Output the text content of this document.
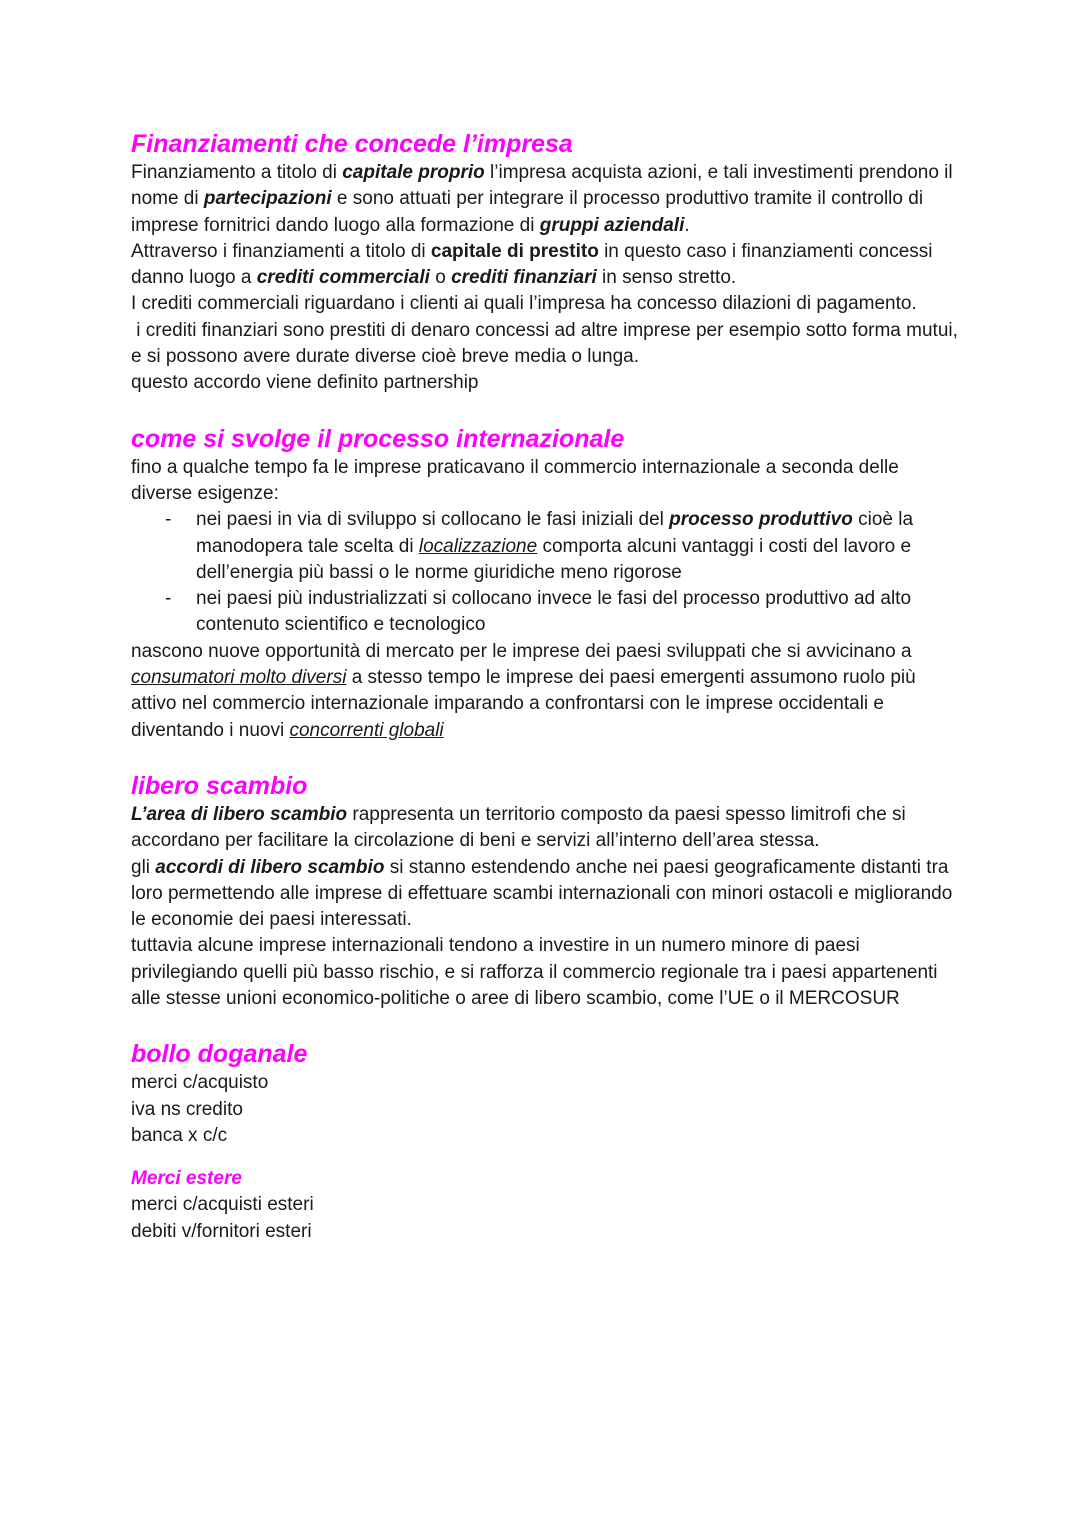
Finanziamenti che concede l’impresa

Finanziamento a titolo di capitale proprio l’impresa acquista azioni, e tali investimenti prendono il nome di partecipazioni e sono attuati per integrare il processo produttivo tramite il controllo di imprese fornitrici dando luogo alla formazione di gruppi aziendali.

Attraverso i finanziamenti a titolo di capitale di prestito in questo caso i finanziamenti concessi danno luogo a crediti commerciali o crediti finanziari in senso stretto.

I crediti commerciali riguardano i clienti ai quali l’impresa ha concesso dilazioni di pagamento.

i crediti finanziari sono prestiti di denaro concessi ad altre imprese per esempio sotto forma mutui, e si possono avere durate diverse cioè breve media o lunga.

questo accordo viene definito partnership

come si svolge il processo internazionale

fino a qualche tempo fa le imprese praticavano il commercio internazionale a seconda delle diverse esigenze:

- nei paesi in via di sviluppo si collocano le fasi iniziali del processo produttivo cioè la manodopera tale scelta di localizzazione comporta alcuni vantaggi i costi del lavoro e dell’energia più bassi o le norme giuridiche meno rigorose
- nei paesi più industrializzati si collocano invece le fasi del processo produttivo ad alto contenuto scientifico e tecnologico

nascono nuove opportunità di mercato per le imprese dei paesi sviluppati che si avvicinano a consumatori molto diversi a stesso tempo le imprese dei paesi emergenti assumono ruolo più attivo nel commercio internazionale imparando a confrontarsi con le imprese occidentali e diventando i nuovi concorrenti globali

libero scambio

L’area di libero scambio rappresenta un territorio composto da paesi spesso limitrofi che si accordano per facilitare la circolazione di beni e servizi all’interno dell’area stessa.

gli accordi di libero scambio si stanno estendendo anche nei paesi geograficamente distanti tra loro permettendo alle imprese di effettuare scambi internazionali con minori ostacoli e migliorando le economie dei paesi interessati.

tuttavia alcune imprese internazionali tendono a investire in un numero minore di paesi privilegiando quelli più basso rischio, e si rafforza il commercio regionale tra i paesi appartenenti alle stesse unioni economico-politiche o aree di libero scambio, come l’UE o il MERCOSUR

bollo doganale

merci c/acquisto

iva ns credito

banca x c/c

Merci estere

merci c/acquisti esteri

debiti v/fornitori esteri
